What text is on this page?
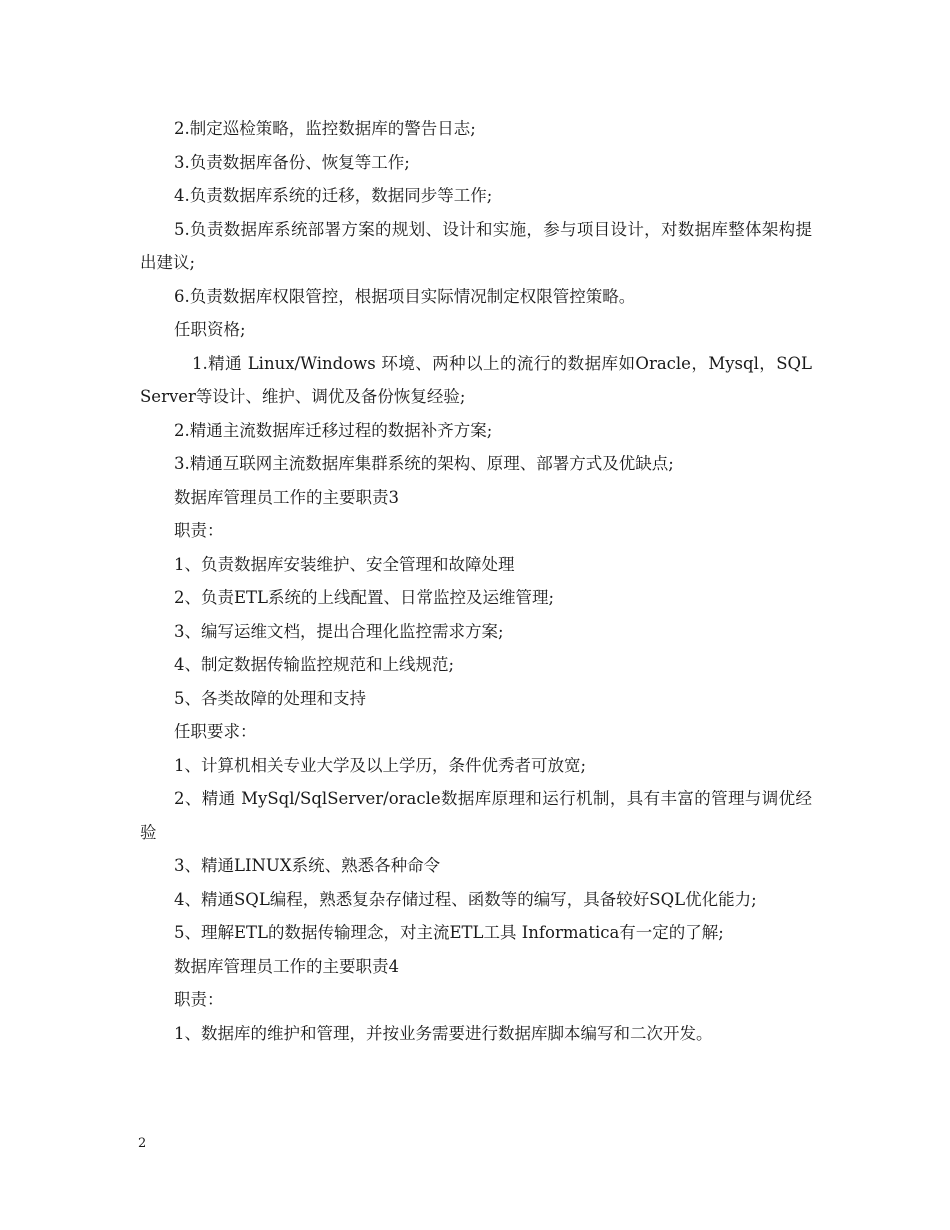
2.制定巡检策略，监控数据库的警告日志;

3.负责数据库备份、恢复等工作;

4.负责数据库系统的迁移，数据同步等工作;

5.负责数据库系统部署方案的规划、设计和实施，参与项目设计，对数据库整体架构提出建议;

6.负责数据库权限管控，根据项目实际情况制定权限管控策略。

任职资格;

1.精通 Linux/Windows 环境、两种以上的流行的数据库如Oracle，Mysql，SQLServer等设计、维护、调优及备份恢复经验;

2.精通主流数据库迁移过程的数据补齐方案;

3.精通互联网主流数据库集群系统的架构、原理、部署方式及优缺点;

数据库管理员工作的主要职责3

职责：

1、负责数据库安装维护、安全管理和故障处理

2、负责ETL系统的上线配置、日常监控及运维管理;

3、编写运维文档，提出合理化监控需求方案;

4、制定数据传输监控规范和上线规范;

5、各类故障的处理和支持

任职要求：

1、计算机相关专业大学及以上学历，条件优秀者可放宽;

2、精通 MySql/SqlServer/oracle数据库原理和运行机制，具有丰富的管理与调优经验

3、精通LINUX系统、熟悉各种命令

4、精通SQL编程，熟悉复杂存储过程、函数等的编写，具备较好SQL优化能力;

5、理解ETL的数据传输理念，对主流ETL工具 Informatica有一定的了解;

数据库管理员工作的主要职责4

职责：

1、数据库的维护和管理，并按业务需要进行数据库脚本编写和二次开发。

2
